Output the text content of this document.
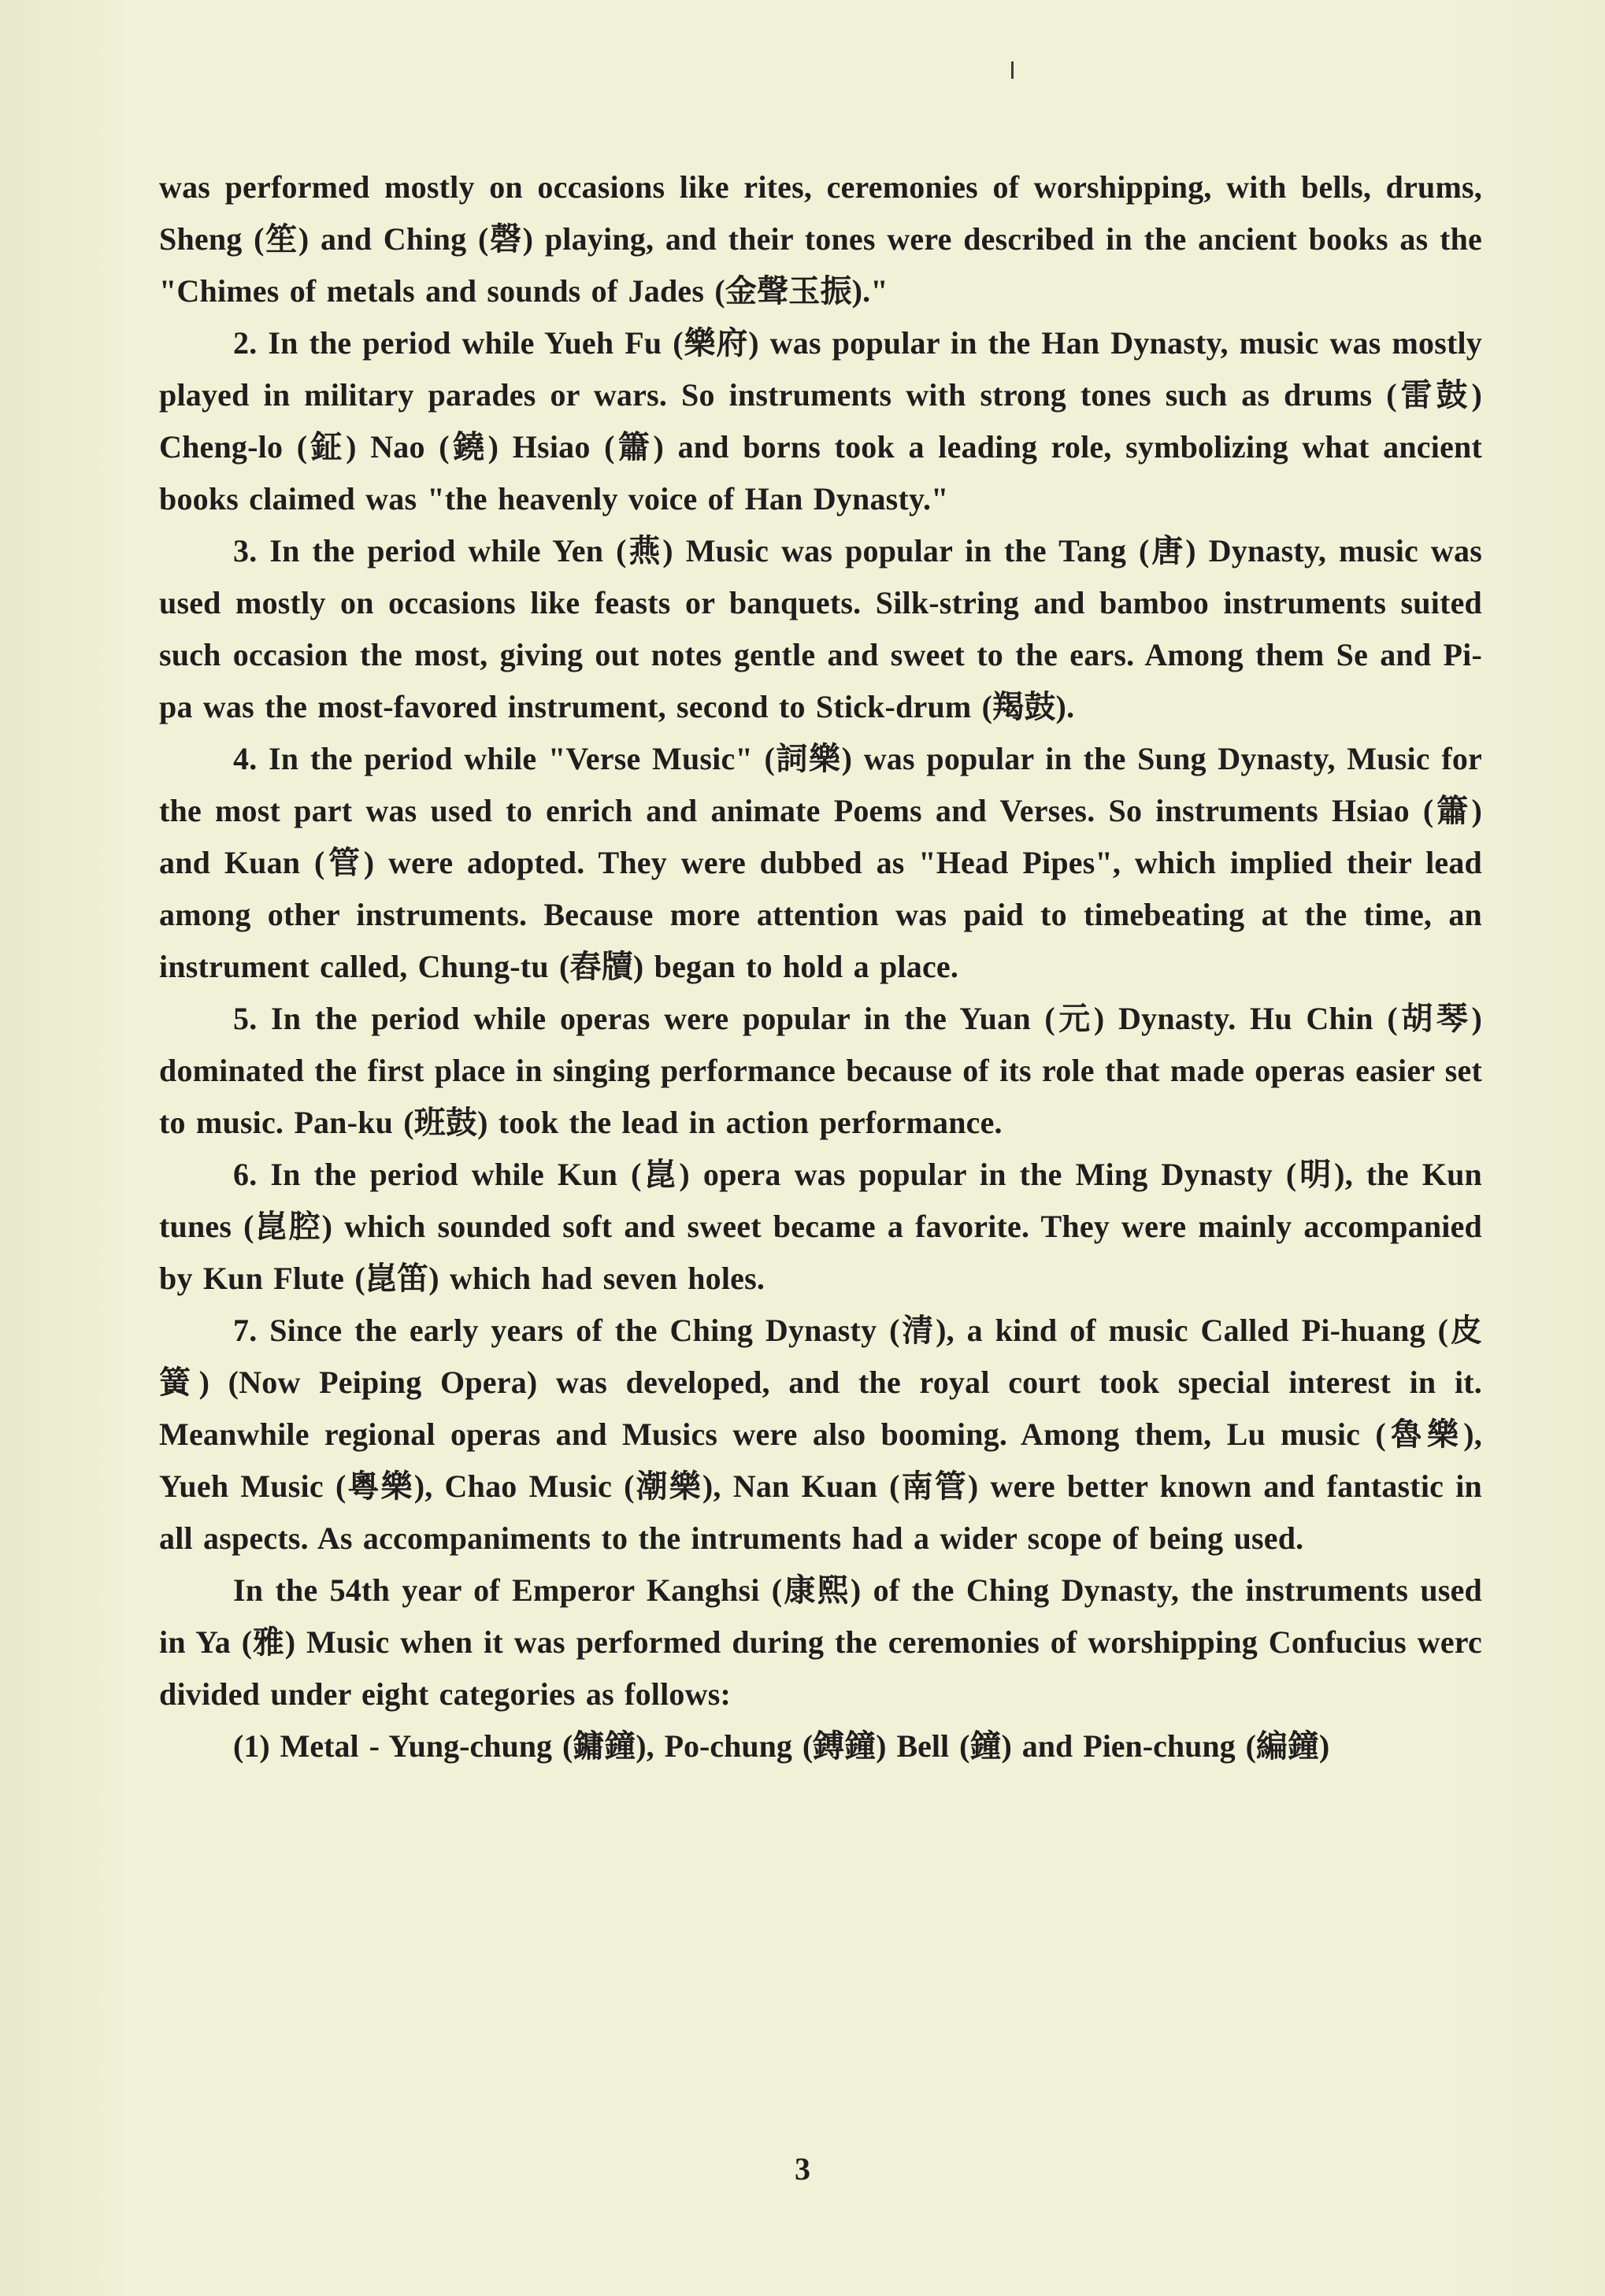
was performed mostly on occasions like rites, ceremonies of worshipping, with bells, drums, Sheng (笙) and Ching (磬) playing, and their tones were described in the ancient books as the "Chimes of metals and sounds of Jades (金聲玉振)."

2. In the period while Yueh Fu (樂府) was popular in the Han Dynasty, music was mostly played in military parades or wars. So instruments with strong tones such as drums (雷鼓) Cheng-lo (鉦) Nao (鐃) Hsiao (簫) and borns took a leading role, symbolizing what ancient books claimed was "the heavenly voice of Han Dynasty."

3. In the period while Yen (燕) Music was popular in the Tang (唐) Dynasty, music was used mostly on occasions like feasts or banquets. Silk-string and bamboo instruments suited such occasion the most, giving out notes gentle and sweet to the ears. Among them Se and Pi-pa was the most-favored instrument, second to Stick-drum (羯鼓).

4. In the period while "Verse Music" (詞樂) was popular in the Sung Dynasty, Music for the most part was used to enrich and animate Poems and Verses. So instruments Hsiao (簫) and Kuan (管) were adopted. They were dubbed as "Head Pipes", which implied their lead among other instruments. Because more attention was paid to timebeating at the time, an instrument called, Chung-tu (舂牘) began to hold a place.

5. In the period while operas were popular in the Yuan (元) Dynasty. Hu Chin (胡琴) dominated the first place in singing performance because of its role that made operas easier set to music. Pan-ku (班鼓) took the lead in action performance.

6. In the period while Kun (崑) opera was popular in the Ming Dynasty (明), the Kun tunes (崑腔) which sounded soft and sweet became a favorite. They were mainly accompanied by Kun Flute (崑笛) which had seven holes.

7. Since the early years of the Ching Dynasty (清), a kind of music Called Pi-huang (皮簧) (Now Peiping Opera) was developed, and the royal court took special interest in it. Meanwhile regional operas and Musics were also booming. Among them, Lu music (魯樂), Yueh Music (粵樂), Chao Music (潮樂), Nan Kuan (南管) were better known and fantastic in all aspects. As accompaniments to the intruments had a wider scope of being used.

In the 54th year of Emperor Kanghsi (康熙) of the Ching Dynasty, the instruments used in Ya (雅) Music when it was performed during the ceremonies of worshipping Confucius werc divided under eight categories as follows:

(1) Metal - Yung-chung (鏞鐘), Po-chung (鎛鐘) Bell (鐘) and Pien-chung (編鐘)

3
